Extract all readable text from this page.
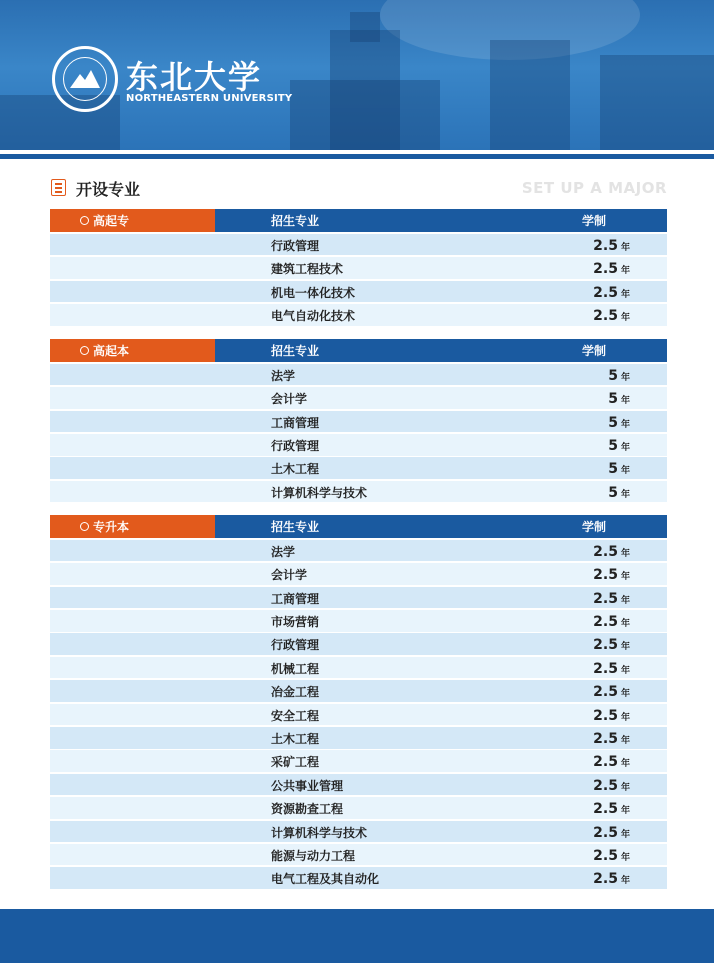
东北大学
NORTHEASTERN UNIVERSITY
开设专业	SET UP A MAJOR
高起专	招生专业	学制
行政管理	2.5 年
建筑工程技术	2.5 年
机电一体化技术	2.5 年
电气自动化技术	2.5 年
高起本	招生专业	学制
法学	5 年
会计学	5 年
工商管理	5 年
行政管理	5 年
土木工程	5 年
计算机科学与技术	5 年
专升本	招生专业	学制
法学	2.5 年
会计学	2.5 年
工商管理	2.5 年
市场营销	2.5 年
行政管理	2.5 年
机械工程	2.5 年
冶金工程	2.5 年
安全工程	2.5 年
土木工程	2.5 年
采矿工程	2.5 年
公共事业管理	2.5 年
资源勘查工程	2.5 年
计算机科学与技术	2.5 年
能源与动力工程	2.5 年
电气工程及其自动化	2.5 年
